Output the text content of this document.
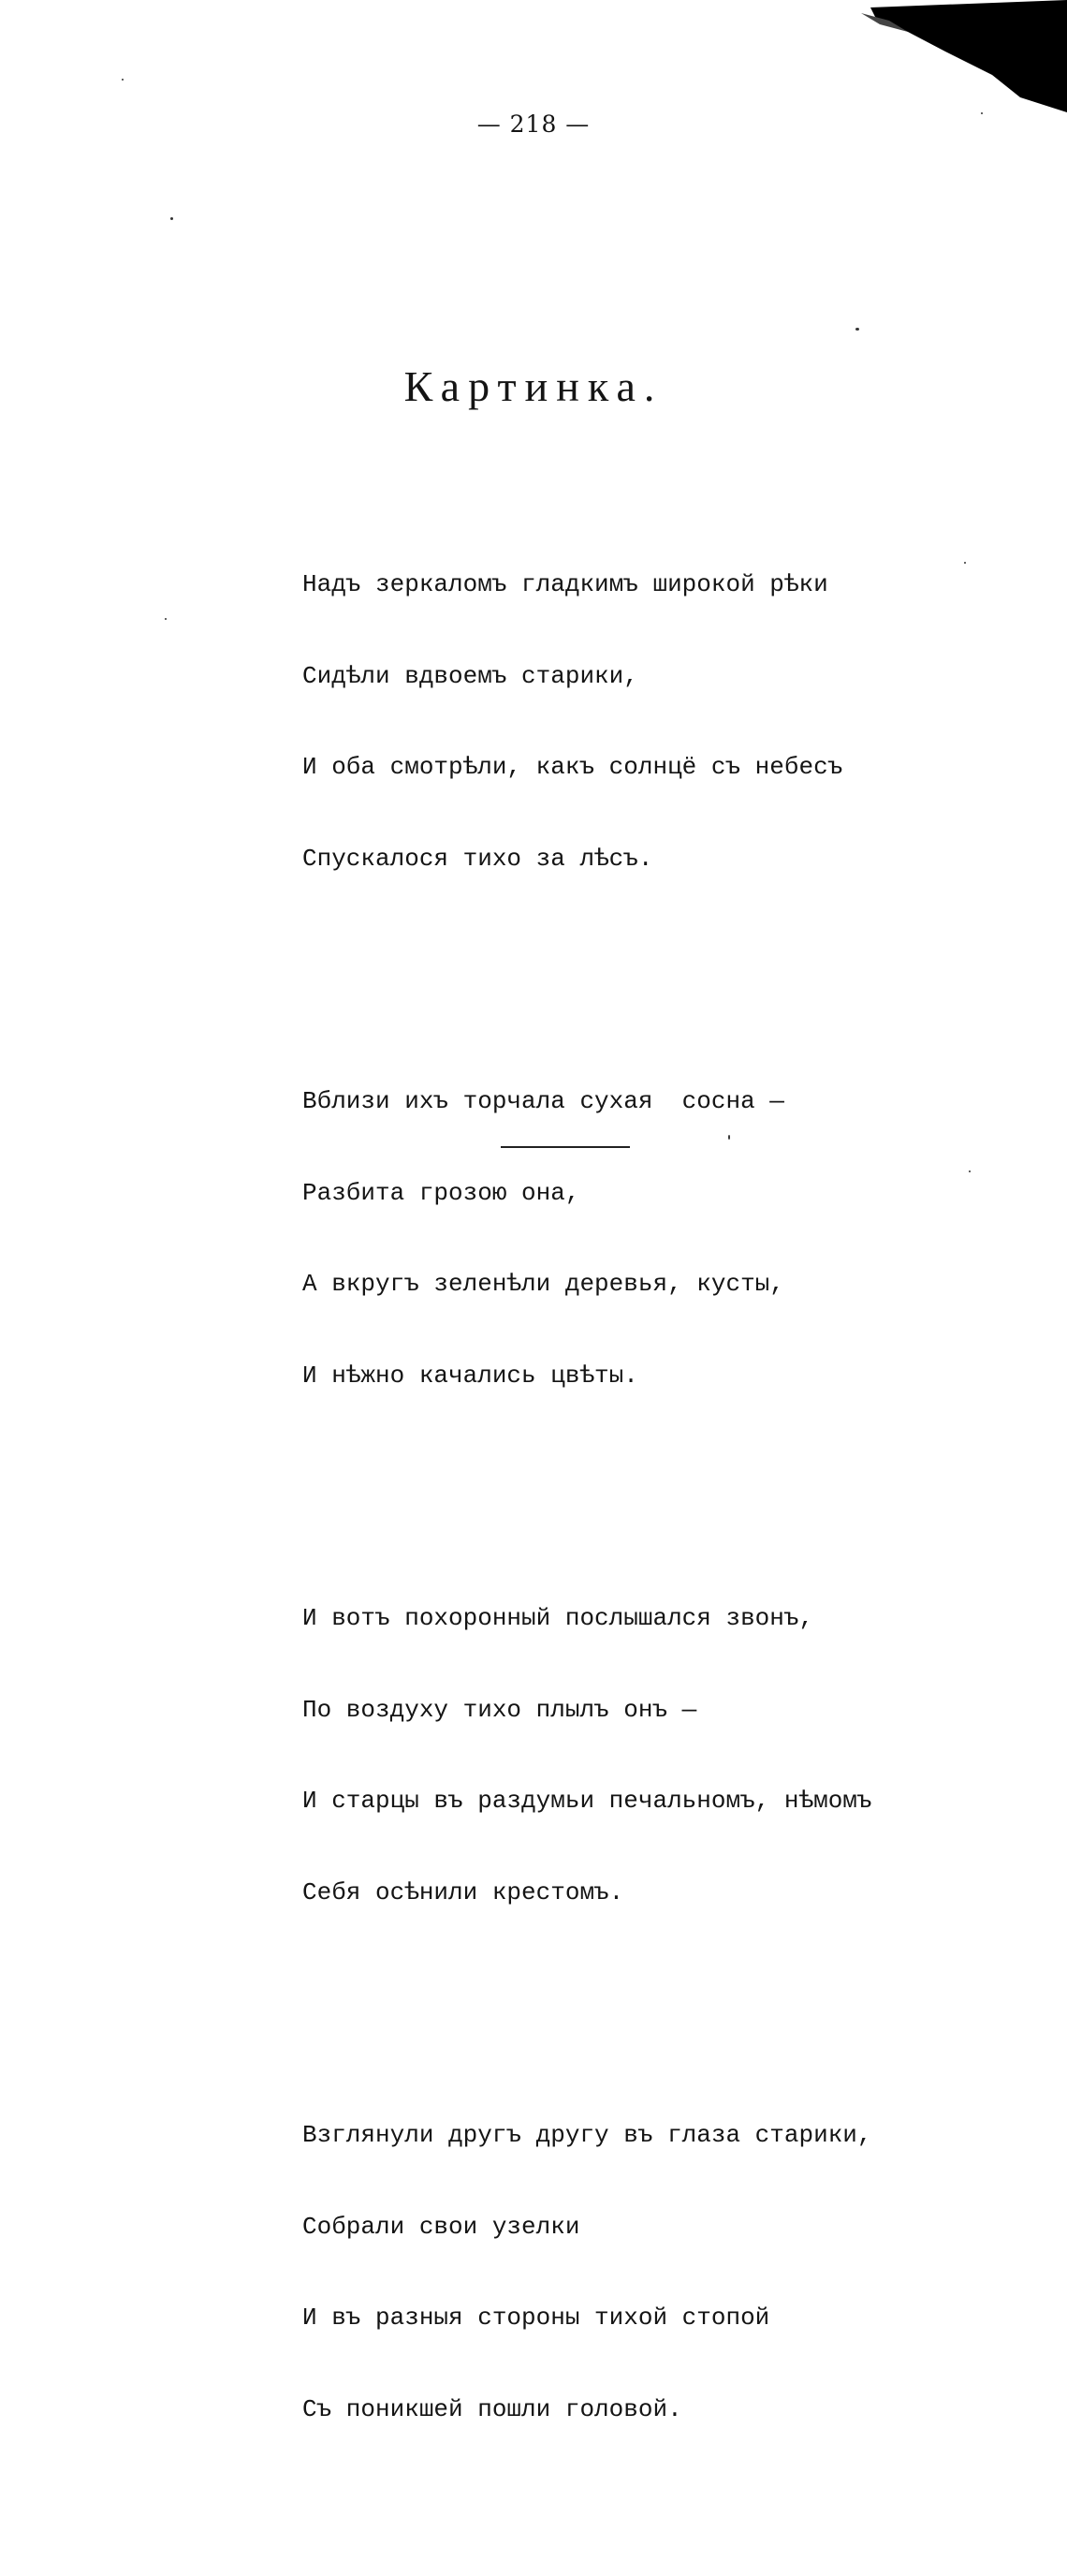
— 218 —
Картинка.

Надъ зеркаломъ гладкимъ широкой рѣки

Сидѣли вдвоемъ старики,

И оба смотрѣли, какъ солнцё съ небесъ

Спускалося тихо за лѣсъ.

Вблизи ихъ торчала сухая  сосна —

Разбита грозою она,

А вкругъ зеленѣли деревья, кусты,

И нѣжно качались цвѣты.

И вотъ похоронный послышался звонъ,

По воздуху тихо плылъ онъ —

И старцы въ раздумьи печальномъ, нѣмомъ

Себя осѣнили крестомъ.

Взглянули другъ другу въ глаза старики,

Собрали свои узелки

И въ разныя стороны тихой стопой

Съ поникшей пошли головой.
